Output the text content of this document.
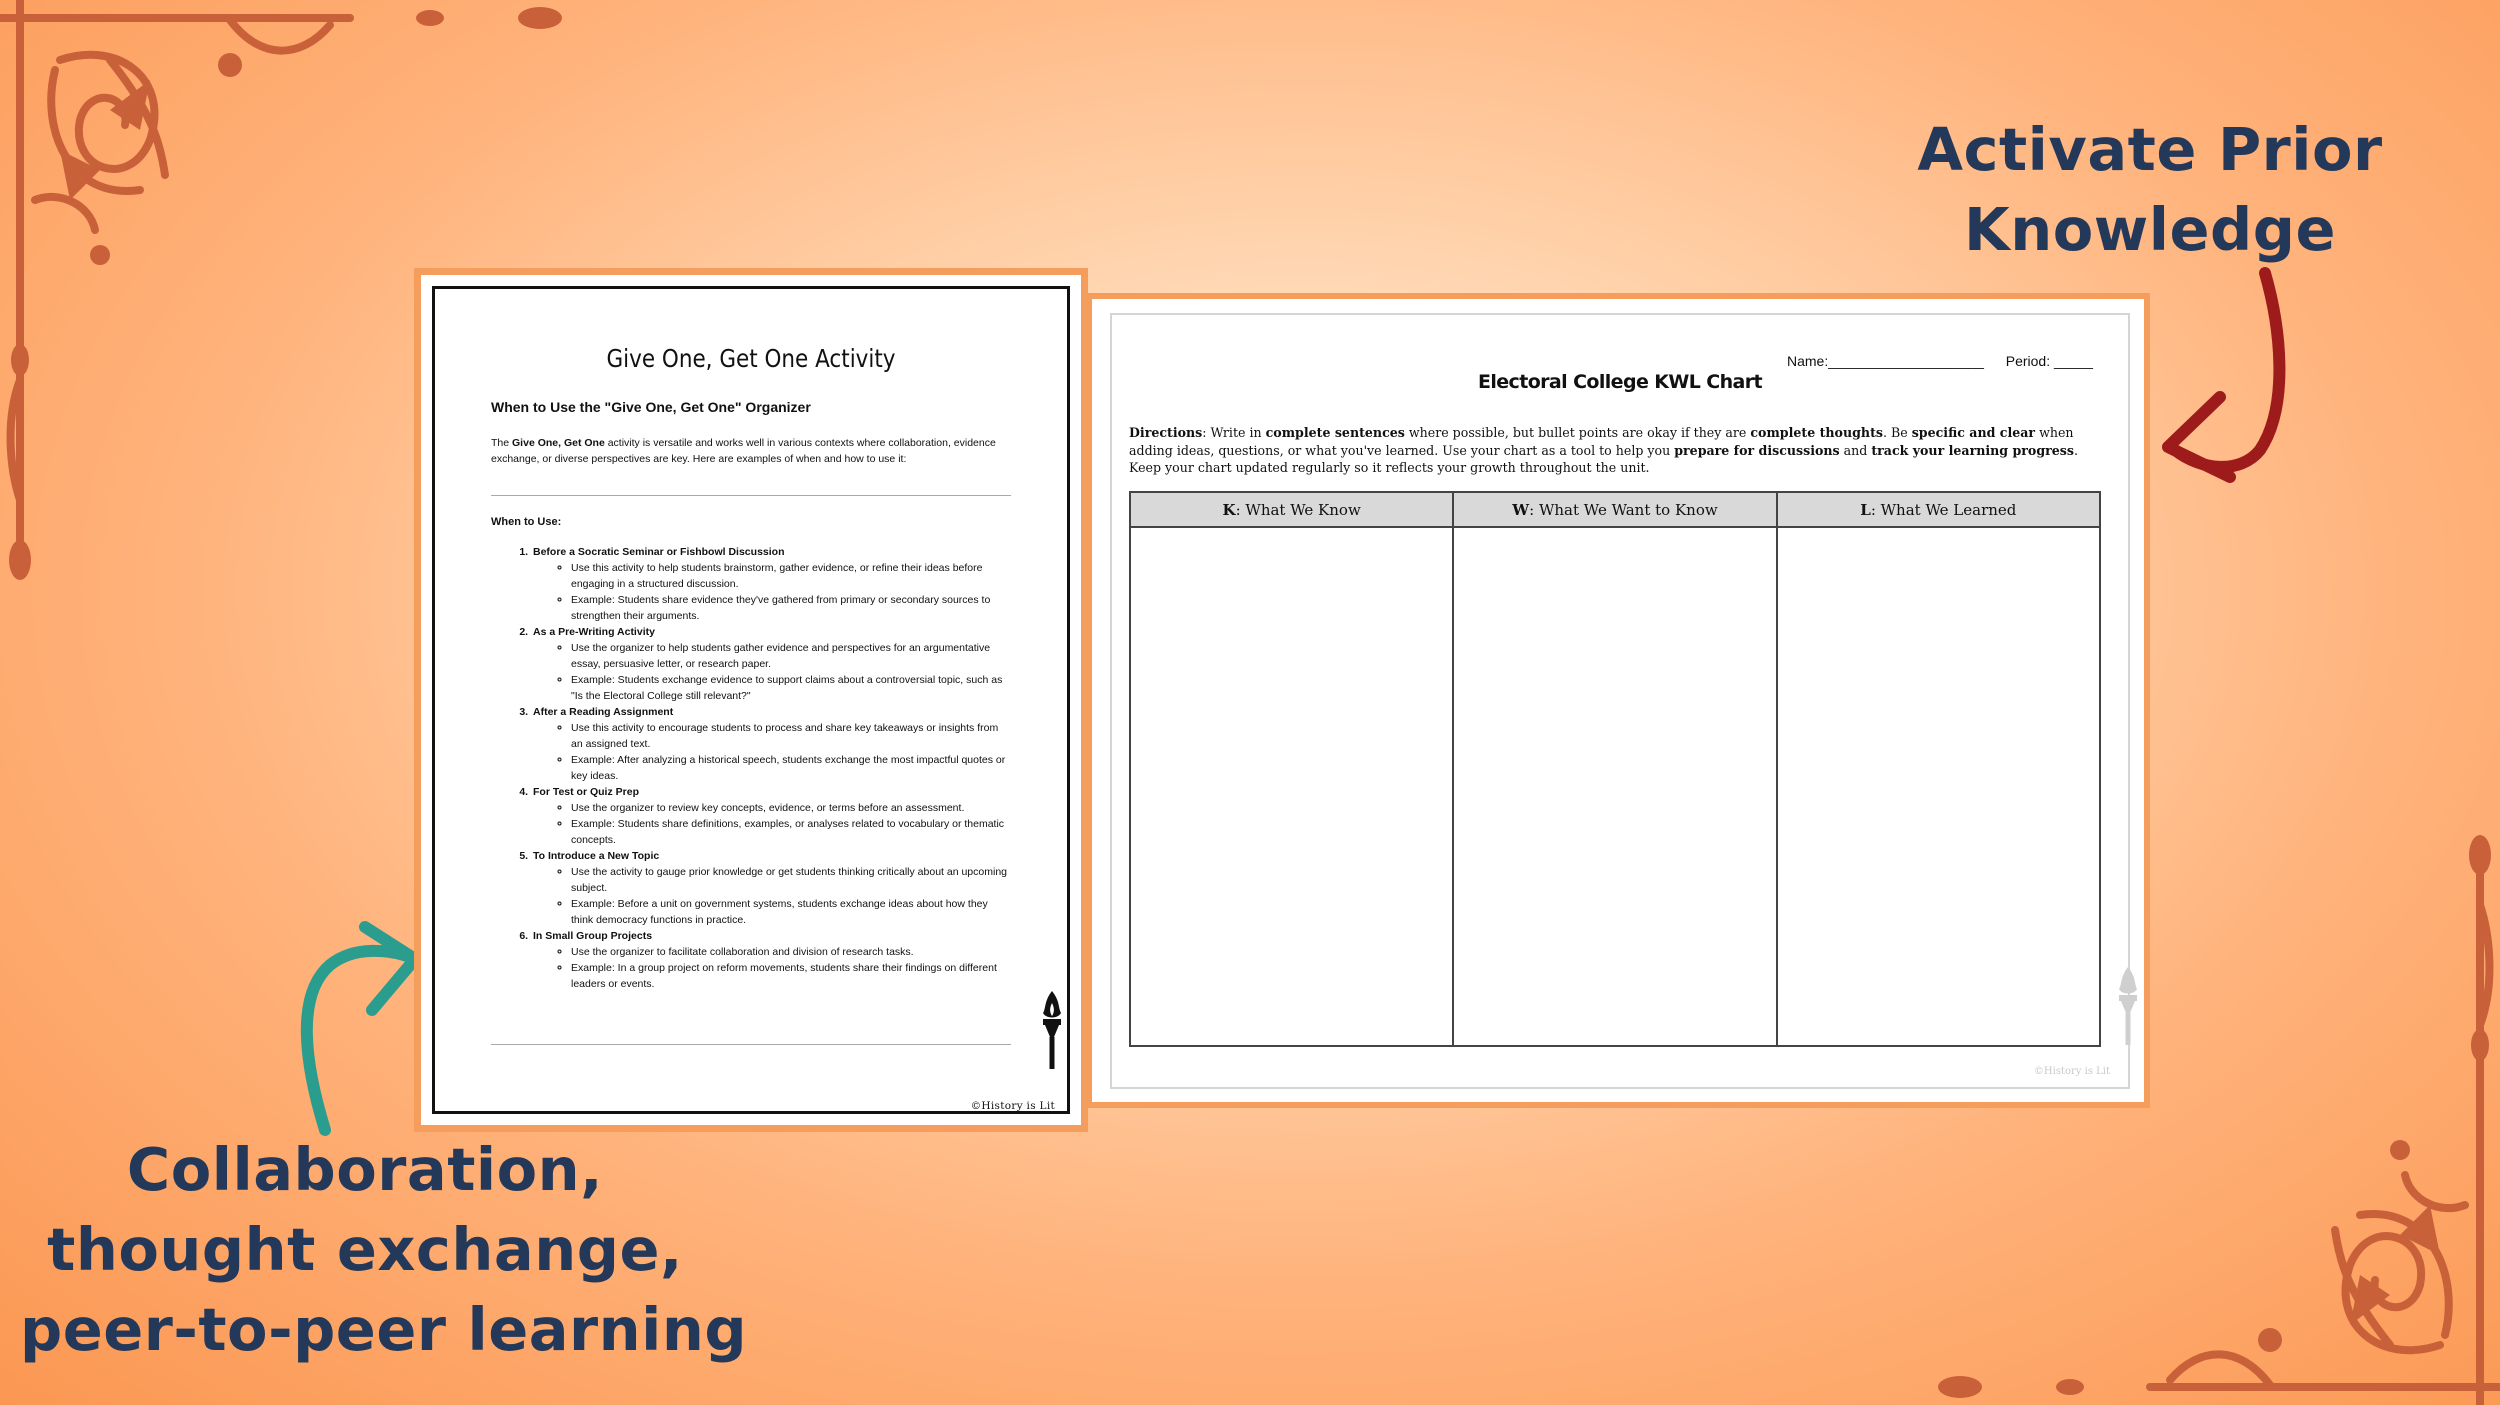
Activate Prior
Knowledge
Collaboration,
thought exchange,
peer-to-peer learning
Give One, Get One Activity
When to Use the "Give One, Get One" Organizer

The Give One, Get One activity is versatile and works well in various contexts where collaboration, evidence exchange, or diverse perspectives are key. Here are examples of when and how to use it:

When to Use:
1. Before a Socratic Seminar or Fishbowl Discussion
◦ Use this activity to help students brainstorm, gather evidence, or refine their ideas before engaging in a structured discussion.
◦ Example: Students share evidence they've gathered from primary or secondary sources to strengthen their arguments.
2. As a Pre-Writing Activity
◦ Use the organizer to help students gather evidence and perspectives for an argumentative essay, persuasive letter, or research paper.
◦ Example: Students exchange evidence to support claims about a controversial topic, such as "Is the Electoral College still relevant?"
3. After a Reading Assignment
◦ Use this activity to encourage students to process and share key takeaways or insights from an assigned text.
◦ Example: After analyzing a historical speech, students exchange the most impactful quotes or key ideas.
4. For Test or Quiz Prep
◦ Use the organizer to review key concepts, evidence, or terms before an assessment.
◦ Example: Students share definitions, examples, or analyses related to vocabulary or thematic concepts.
5. To Introduce a New Topic
◦ Use the activity to gauge prior knowledge or get students thinking critically about an upcoming subject.
◦ Example: Before a unit on government systems, students exchange ideas about how they think democracy functions in practice.
6. In Small Group Projects
◦ Use the organizer to facilitate collaboration and division of research tasks.
◦ Example: In a group project on reform movements, students share their findings on different leaders or events.
©History is Lit
Name:____________________ Period: _____
Electoral College KWL Chart

Directions: Write in complete sentences where possible, but bullet points are okay if they are complete thoughts. Be specific and clear when adding ideas, questions, or what you've learned. Use your chart as a tool to help you prepare for discussions and track your learning progress. Keep your chart updated regularly so it reflects your growth throughout the unit.

K: What We Know	W: What We Want to Know	L: What We Learned

©History is Lit
